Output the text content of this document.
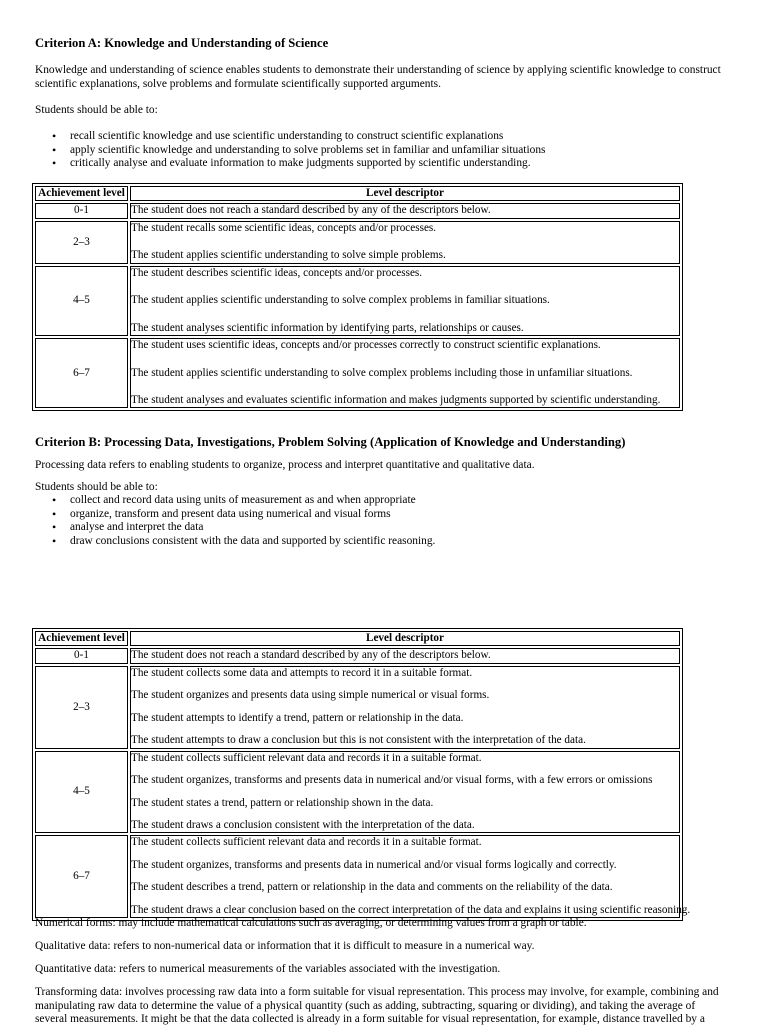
Criterion A: Knowledge and Understanding of Science

Knowledge and understanding of science enables students to demonstrate their understanding of science by applying scientific knowledge to construct scientific explanations, solve problems and formulate scientifically supported arguments.

Students should be able to:

• recall scientific knowledge and use scientific understanding to construct scientific explanations
• apply scientific knowledge and understanding to solve problems set in familiar and unfamiliar situations
• critically analyse and evaluate information to make judgments supported by scientific understanding.
Achievement level	Level descriptor
0-1	The student does not reach a standard described by any of the descriptors below.

2–3	The student recalls some scientific ideas, concepts and/or processes.
The student applies scientific understanding to solve simple problems.

4–5	The student describes scientific ideas, concepts and/or processes.
The student applies scientific understanding to solve complex problems in familiar situations.
The student analyses scientific information by identifying parts, relationships or causes.

6–7	The student uses scientific ideas, concepts and/or processes correctly to construct scientific explanations.
The student applies scientific understanding to solve complex problems including those in unfamiliar situations.
The student analyses and evaluates scientific information and makes judgments supported by scientific understanding.
Criterion B: Processing Data, Investigations, Problem Solving (Application of Knowledge and Understanding)

Processing data refers to enabling students to organize, process and interpret quantitative and qualitative data.

Students should be able to:

• collect and record data using units of measurement as and when appropriate
• organize, transform and present data using numerical and visual forms
• analyse and interpret the data
• draw conclusions consistent with the data and supported by scientific reasoning.
Achievement level	Level descriptor
0-1	The student does not reach a standard described by any of the descriptors below.

2–3	The student collects some data and attempts to record it in a suitable format.
The student organizes and presents data using simple numerical or visual forms.
The student attempts to identify a trend, pattern or relationship in the data.
The student attempts to draw a conclusion but this is not consistent with the interpretation of the data.

4–5	The student collects sufficient relevant data and records it in a suitable format.
The student organizes, transforms and presents data in numerical and/or visual forms, with a few errors or omissions
The student states a trend, pattern or relationship shown in the data.
The student draws a conclusion consistent with the interpretation of the data.

6–7	The student collects sufficient relevant data and records it in a suitable format.
The student organizes, transforms and presents data in numerical and/or visual forms logically and correctly.
The student describes a trend, pattern or relationship in the data and comments on the reliability of the data.
The student draws a clear conclusion based on the correct interpretation of the data and explains it using scientific reasoning.

Numerical forms: may include mathematical calculations such as averaging, or determining values from a graph or table.

Qualitative data: refers to non-numerical data or information that it is difficult to measure in a numerical way.

Quantitative data: refers to numerical measurements of the variables associated with the investigation.

Transforming data: involves processing raw data into a form suitable for visual representation. This process may involve, for example, combining and manipulating raw data to determine the value of a physical quantity (such as adding, subtracting, squaring or dividing), and taking the average of several measurements. It might be that the data collected is already in a form suitable for visual representation, for example, distance travelled by a
